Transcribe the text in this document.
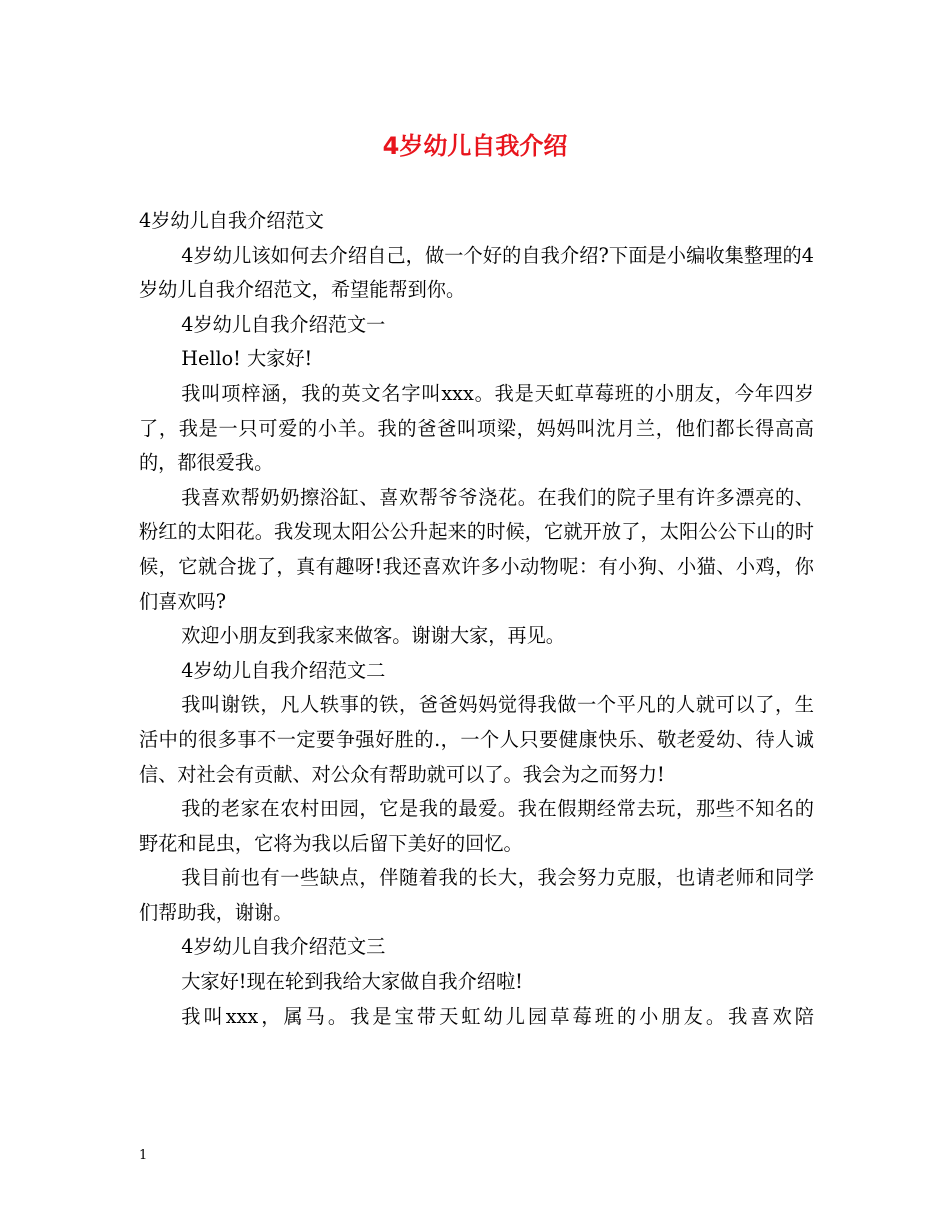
4岁幼儿自我介绍

4岁幼儿自我介绍范文

4岁幼儿该如何去介绍自己，做一个好的自我介绍?下面是小编收集整理的4岁幼儿自我介绍范文，希望能帮到你。

4岁幼儿自我介绍范文一

Hello! 大家好!

我叫项梓涵，我的英文名字叫xxx。我是天虹草莓班的小朋友，今年四岁了，我是一只可爱的小羊。我的爸爸叫项梁，妈妈叫沈月兰，他们都长得高高的，都很爱我。

我喜欢帮奶奶擦浴缸、喜欢帮爷爷浇花。在我们的院子里有许多漂亮的、粉红的太阳花。我发现太阳公公升起来的时候，它就开放了，太阳公公下山的时候，它就合拢了，真有趣呀!我还喜欢许多小动物呢：有小狗、小猫、小鸡，你们喜欢吗?

欢迎小朋友到我家来做客。谢谢大家，再见。

4岁幼儿自我介绍范文二

我叫谢铁，凡人轶事的铁，爸爸妈妈觉得我做一个平凡的人就可以了，生活中的很多事不一定要争强好胜的.，一个人只要健康快乐、敬老爱幼、待人诚信、对社会有贡献、对公众有帮助就可以了。我会为之而努力!

我的老家在农村田园，它是我的最爱。我在假期经常去玩，那些不知名的野花和昆虫，它将为我以后留下美好的回忆。

我目前也有一些缺点，伴随着我的长大，我会努力克服，也请老师和同学们帮助我，谢谢。

4岁幼儿自我介绍范文三

大家好!现在轮到我给大家做自我介绍啦!

我叫xxx，属马。我是宝带天虹幼儿园草莓班的小朋友。我喜欢陪

1
